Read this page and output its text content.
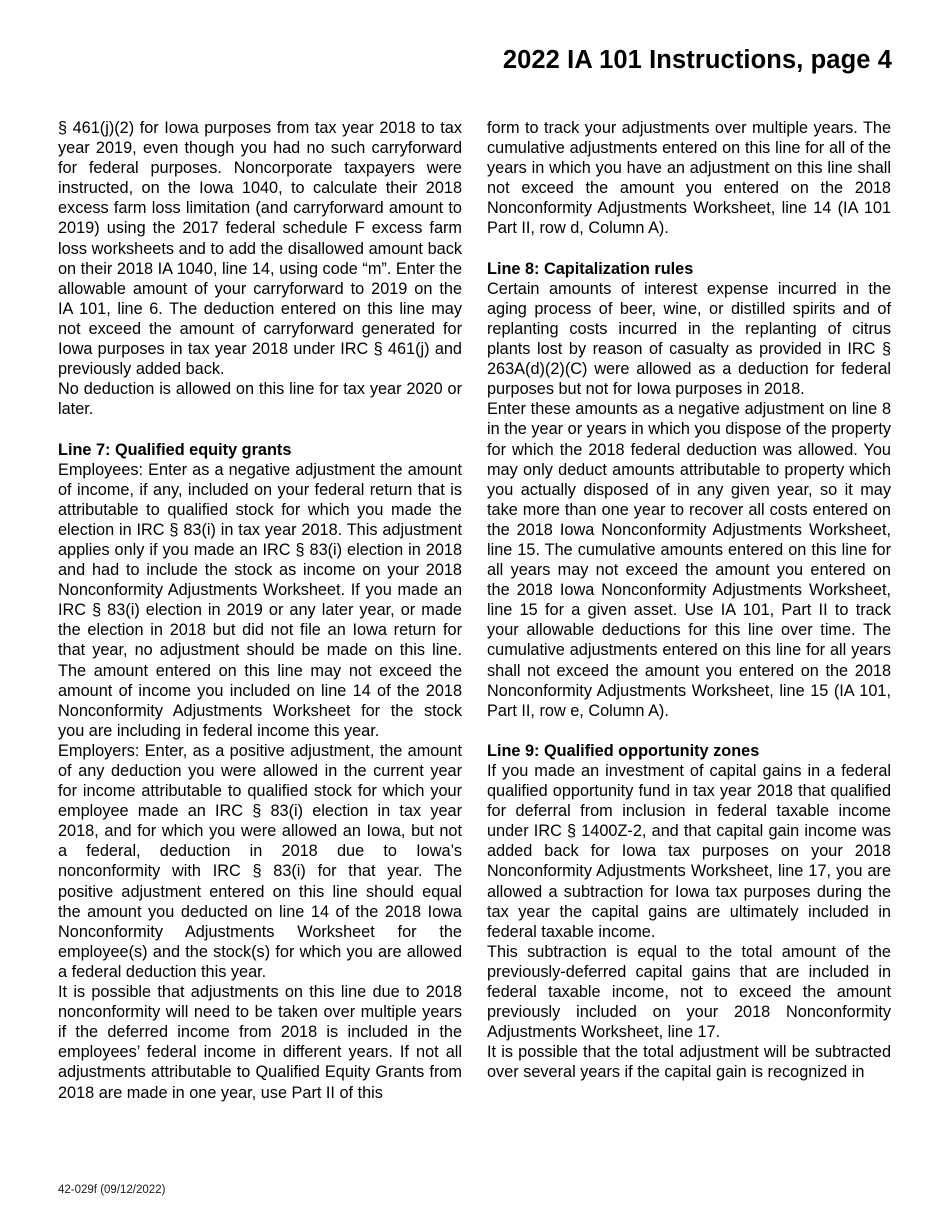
2022 IA 101 Instructions, page 4

§ 461(j)(2) for Iowa purposes from tax year 2018 to tax year 2019, even though you had no such carryforward for federal purposes. Noncorporate taxpayers were instructed, on the Iowa 1040, to calculate their 2018 excess farm loss limitation (and carryforward amount to 2019) using the 2017 federal schedule F excess farm loss worksheets and to add the disallowed amount back on their 2018 IA 1040, line 14, using code “m”. Enter the allowable amount of your carryforward to 2019 on the IA 101, line 6. The deduction entered on this line may not exceed the amount of carryforward generated for Iowa purposes in tax year 2018 under IRC § 461(j) and previously added back.

No deduction is allowed on this line for tax year 2020 or later.

Line 7: Qualified equity grants

Employees: Enter as a negative adjustment the amount of income, if any, included on your federal return that is attributable to qualified stock for which you made the election in IRC § 83(i) in tax year 2018. This adjustment applies only if you made an IRC § 83(i) election in 2018 and had to include the stock as income on your 2018 Nonconformity Adjustments Worksheet. If you made an IRC § 83(i) election in 2019 or any later year, or made the election in 2018 but did not file an Iowa return for that year, no adjustment should be made on this line. The amount entered on this line may not exceed the amount of income you included on line 14 of the 2018 Nonconformity Adjustments Worksheet for the stock you are including in federal income this year.

Employers: Enter, as a positive adjustment, the amount of any deduction you were allowed in the current year for income attributable to qualified stock for which your employee made an IRC § 83(i) election in tax year 2018, and for which you were allowed an Iowa, but not a federal, deduction in 2018 due to Iowa’s nonconformity with IRC § 83(i) for that year. The positive adjustment entered on this line should equal the amount you deducted on line 14 of the 2018 Iowa Nonconformity Adjustments Worksheet for the employee(s) and the stock(s) for which you are allowed a federal deduction this year.

It is possible that adjustments on this line due to 2018 nonconformity will need to be taken over multiple years if the deferred income from 2018 is included in the employees’ federal income in different years. If not all adjustments attributable to Qualified Equity Grants from 2018 are made in one year, use Part II of this

form to track your adjustments over multiple years. The cumulative adjustments entered on this line for all of the years in which you have an adjustment on this line shall not exceed the amount you entered on the 2018 Nonconformity Adjustments Worksheet, line 14 (IA 101 Part II, row d, Column A).

Line 8: Capitalization rules

Certain amounts of interest expense incurred in the aging process of beer, wine, or distilled spirits and of replanting costs incurred in the replanting of citrus plants lost by reason of casualty as provided in IRC § 263A(d)(2)(C) were allowed as a deduction for federal purposes but not for Iowa purposes in 2018.

Enter these amounts as a negative adjustment on line 8 in the year or years in which you dispose of the property for which the 2018 federal deduction was allowed. You may only deduct amounts attributable to property which you actually disposed of in any given year, so it may take more than one year to recover all costs entered on the 2018 Iowa Nonconformity Adjustments Worksheet, line 15. The cumulative amounts entered on this line for all years may not exceed the amount you entered on the 2018 Iowa Nonconformity Adjustments Worksheet, line 15 for a given asset. Use IA 101, Part II to track your allowable deductions for this line over time. The cumulative adjustments entered on this line for all years shall not exceed the amount you entered on the 2018 Nonconformity Adjustments Worksheet, line 15 (IA 101, Part II, row e, Column A).

Line 9: Qualified opportunity zones

If you made an investment of capital gains in a federal qualified opportunity fund in tax year 2018 that qualified for deferral from inclusion in federal taxable income under IRC § 1400Z-2, and that capital gain income was added back for Iowa tax purposes on your 2018 Nonconformity Adjustments Worksheet, line 17, you are allowed a subtraction for Iowa tax purposes during the tax year the capital gains are ultimately included in federal taxable income.

This subtraction is equal to the total amount of the previously-deferred capital gains that are included in federal taxable income, not to exceed the amount previously included on your 2018 Nonconformity Adjustments Worksheet, line 17.

It is possible that the total adjustment will be subtracted over several years if the capital gain is recognized in

42-029f (09/12/2022)
